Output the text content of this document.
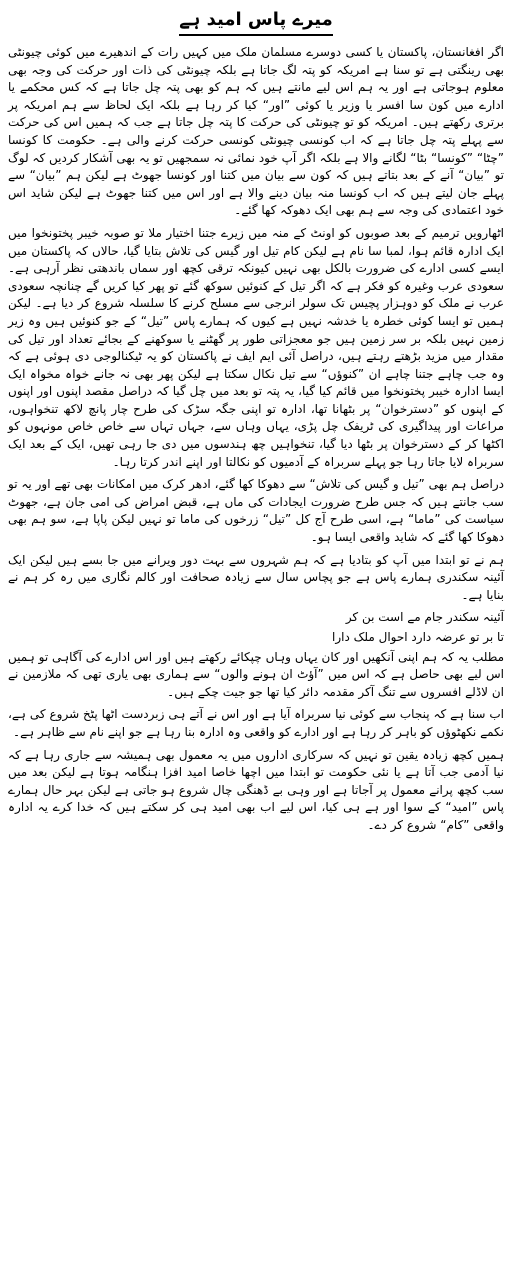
میرے پاس امید ہے

اگر افغانستان، پاکستان یا کسی دوسرے مسلمان ملک میں کہیں رات کے اندھیرے میں کوئی چیونٹی بھی رینگتی ہے تو سنا ہے امریکہ کو پتہ لگ جاتا ہے بلکہ چیونٹی کی ذات اور حرکت کی وجہ بھی معلوم ہوجاتی ہے اور یہ ہم اس لیے مانتے ہیں کہ ہم کو بھی پتہ چل جاتا ہے کہ کس محکمے یا ادارے میں کون سا افسر یا وزیر یا کوئی ”اور“ کیا کر رہا ہے بلکہ ایک لحاظ سے ہم امریکہ پر برتری رکھتے ہیں۔ امریکہ کو تو چیونٹی کی حرکت کا پتہ چل جاتا ہے جب کہ ہمیں اس کی حرکت سے پہلے پتہ چل جاتا ہے کہ اب کونسی چیونٹی کونسی حرکت کرنے والی ہے۔ حکومت کا کونسا ”چٹا“ ”کونسا“ بٹا“ لگانے والا ہے بلکہ اگر آپ خود نمائی نہ سمجھیں تو یہ بھی آشکار کردیں کہ لوگ تو ”بیان“ آنے کے بعد بتاتے ہیں کہ کون سے بیان میں کتنا اور کونسا جھوٹ ہے لیکن ہم ”بیان“ سے پہلے جان لیتے ہیں کہ اب کونسا منہ بیان دینے والا ہے اور اس میں کتنا جھوٹ ہے لیکن شاید اس خود اعتمادی کی وجہ سے ہم بھی ایک دھوکہ کھا گئے۔

اٹھارویں ترمیم کے بعد صوبوں کو اونٹ کے منہ میں زیرے جتنا اختیار ملا تو صوبہ خیبر پختونخوا میں ایک ادارہ قائم ہوا، لمبا سا نام ہے لیکن کام تیل اور گیس کی تلاش بتایا گیا، حالاں کہ پاکستان میں ایسے کسی ادارے کی ضرورت بالکل بھی نہیں کیونکہ ترقی کچھ اور سماں باندھتی نظر آرہی ہے۔ سعودی عرب وغیرہ کو فکر ہے کہ اگر تیل کے کنوئیں سوکھ گئے تو پھر کیا کریں گے چنانچہ سعودی عرب نے ملک کو دوہزار پچیس تک سولر انرجی سے مسلح کرنے کا سلسلہ شروع کر دیا ہے۔ لیکن ہمیں تو ایسا کوئی خطرہ یا خدشہ نہیں ہے کیوں کہ ہمارے پاس ”تیل“ کے جو کنوئیں ہیں وہ زیر زمین نہیں بلکہ بر سر زمین ہیں جو معجزاتی طور پر گھٹنے یا سوکھنے کے بجائے تعداد اور تیل کی مقدار میں مزید بڑھتے رہتے ہیں، دراصل آئی ایم ایف نے پاکستان کو یہ ٹیکنالوجی دی ہوئی ہے کہ وہ جب چاہے جتنا چاہے ان ”کنوؤں“ سے تیل نکال سکتا ہے لیکن پھر بھی نہ جانے خواہ مخواہ ایک ایسا ادارہ خیبر پختونخوا میں قائم کیا گیا، یہ پتہ تو بعد میں چل گیا کہ دراصل مقصد اپنوں اور اپنوں کے اپنوں کو ”دسترخوان“ پر بٹھانا تھا، ادارہ تو اپنی جگہ سڑک کی طرح چار پانچ لاکھ تنخواہوں، مراعات اور پیداگیری کی ٹریفک چل پڑی، یہاں وہاں سے، جہاں تہاں سے خاص خاص مونہوں کو اکٹھا کر کے دسترخوان پر بٹھا دیا گیا، تنخواہیں چھ ہندسوں میں دی جا رہی تھیں، ایک کے بعد ایک سربراہ لایا جاتا رہا جو پہلے سربراہ کے آدمیوں کو نکالتا اور اپنے اندر کرتا رہا۔

دراصل ہم بھی ”تیل و گیس کی تلاش“ سے دھوکا کھا گئے، ادھر کرک میں امکانات بھی تھے اور یہ تو سب جانتے ہیں کہ جس طرح ضرورت ایجادات کی ماں ہے، قبض امراض کی امی جان ہے، جھوٹ سیاست کی ”ماما“ ہے، اسی طرح آج کل ”تیل“ زرخوں کی ماما تو نہیں لیکن پاپا ہے، سو ہم بھی دھوکا کھا گئے کہ شاید واقعی ایسا ہو۔

ہم نے تو ابتدا میں آپ کو بتادیا ہے کہ ہم شہروں سے بہت دور ویرانے میں جا بسے ہیں لیکن ایک آئینہ سکندری ہمارے پاس ہے جو پچاس سال سے زیادہ صحافت اور کالم نگاری میں رہ کر ہم نے بنایا ہے۔

آئینہ سکندر جام مے است بن کر

تا بر تو عرضہ دارد احوال ملک دارا

مطلب یہ کہ ہم اپنی آنکھیں اور کان یہاں وہاں چپکائے رکھتے ہیں اور اس ادارے کی آگاہی تو ہمیں اس لیے بھی حاصل ہے کہ اس میں ”آؤٹ ان ہونے والوں“ سے ہماری بھی یاری تھی کہ ملازمین نے ان لاڈلے افسروں سے تنگ آکر مقدمہ دائر کیا تھا جو جیت چکے ہیں۔

اب سنا ہے کہ پنجاب سے کوئی نیا سربراہ آیا ہے اور اس نے آتے ہی زبردست اٹھا پٹخ شروع کی ہے، نکمے نکھٹوؤں کو باہر کر رہا ہے اور ادارے کو واقعی وہ ادارہ بنا رہا ہے جو اپنے نام سے ظاہر ہے۔

ہمیں کچھ زیادہ یقین تو نہیں کہ سرکاری اداروں میں یہ معمول بھی ہمیشہ سے جاری رہا ہے کہ نیا آدمی جب آتا ہے یا نئی حکومت تو ابتدا میں اچھا خاصا امید افزا ہنگامہ ہوتا ہے لیکن بعد میں سب کچھ پرانے معمول پر آجاتا ہے اور وہی بے ڈھنگی چال شروع ہو جاتی ہے لیکن بہر حال ہمارے پاس ”امید“ کے سوا اور ہے ہی کیا، اس لیے اب بھی امید ہی کر سکتے ہیں کہ خدا کرے یہ ادارہ واقعی ”کام“ شروع کر دے۔
